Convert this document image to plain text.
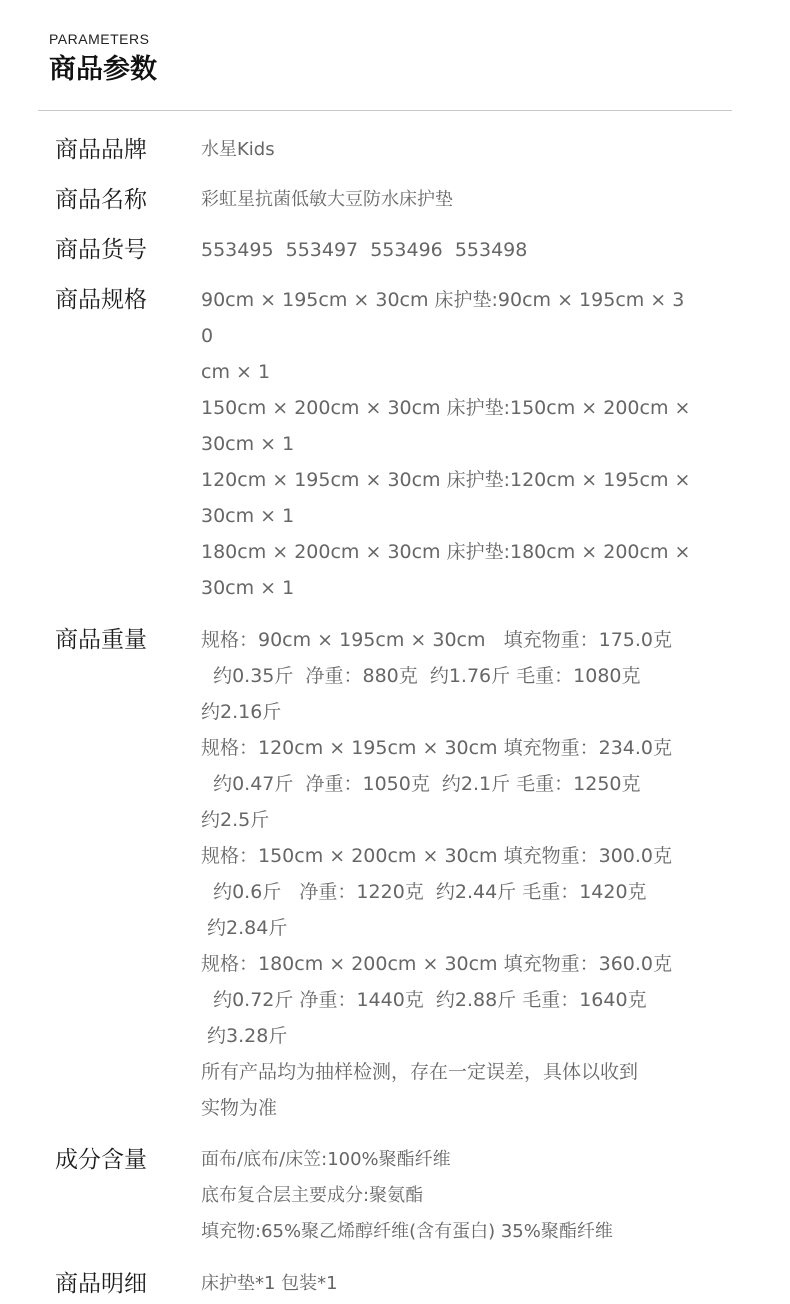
PARAMETERS
商品参数
商品品牌	水星Kids
商品名称	彩虹星抗菌低敏大豆防水床护垫
商品货号	553495  553497  553496  553498
商品规格	90cm × 195cm × 30cm 床护垫:90cm × 195cm × 30
cm × 1
150cm × 200cm × 30cm 床护垫:150cm × 200cm ×
30cm × 1
120cm × 195cm × 30cm 床护垫:120cm × 195cm ×
30cm × 1
180cm × 200cm × 30cm 床护垫:180cm × 200cm ×
30cm × 1
商品重量	规格：90cm × 195cm × 30cm   填充物重：175.0克
约0.35斤  净重：880克  约1.76斤 毛重：1080克
约2.16斤
规格：120cm × 195cm × 30cm 填充物重：234.0克
约0.47斤  净重：1050克  约2.1斤 毛重：1250克
约2.5斤
规格：150cm × 200cm × 30cm 填充物重：300.0克
约0.6斤   净重：1220克  约2.44斤 毛重：1420克
约2.84斤
规格：180cm × 200cm × 30cm 填充物重：360.0克
约0.72斤 净重：1440克  约2.88斤 毛重：1640克
约3.28斤
所有产品均为抽样检测，存在一定误差，具体以收到
实物为准
成分含量	面布/底布/床笠:100%聚酯纤维
底布复合层主要成分:聚氨酯
填充物:65%聚乙烯醇纤维(含有蛋白) 35%聚酯纤维
商品明细	床护垫*1 包装*1
